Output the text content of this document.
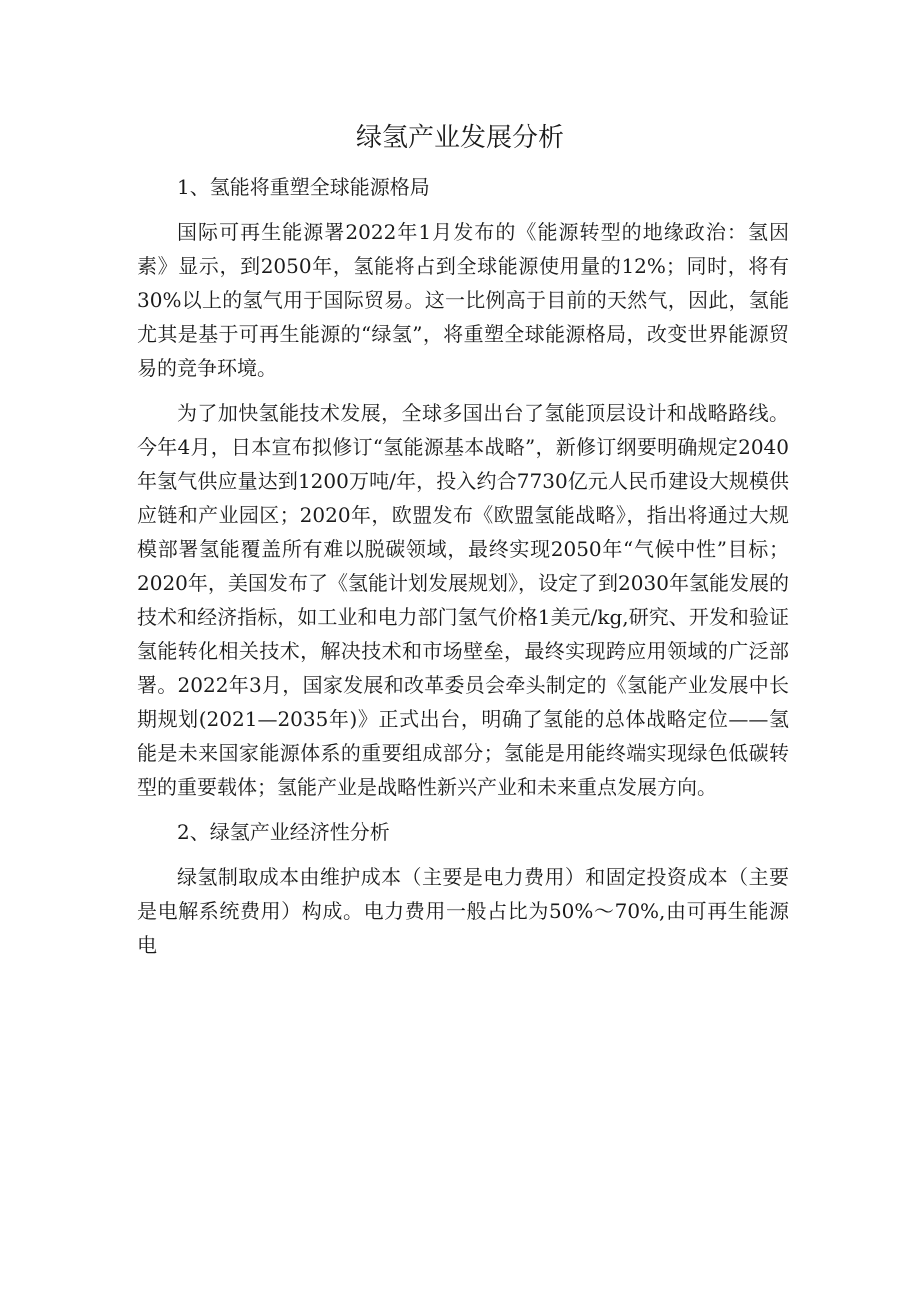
绿氢产业发展分析

1、氢能将重塑全球能源格局

国际可再生能源署2022年1月发布的《能源转型的地缘政治：氢因素》显示，到2050年，氢能将占到全球能源使用量的12%；同时，将有30%以上的氢气用于国际贸易。这一比例高于目前的天然气，因此，氢能尤其是基于可再生能源的“绿氢”，将重塑全球能源格局，改变世界能源贸易的竞争环境。

为了加快氢能技术发展，全球多国出台了氢能顶层设计和战略路线。今年4月，日本宣布拟修订“氢能源基本战略”，新修订纲要明确规定2040年氢气供应量达到1200万吨/年，投入约合7730亿元人民币建设大规模供应链和产业园区；2020年，欧盟发布《欧盟氢能战略》，指出将通过大规模部署氢能覆盖所有难以脱碳领域，最终实现2050年“气候中性”目标；2020年，美国发布了《氢能计划发展规划》，设定了到2030年氢能发展的技术和经济指标，如工业和电力部门氢气价格1美元/kg,研究、开发和验证氢能转化相关技术，解决技术和市场壁垒，最终实现跨应用领域的广泛部署。2022年3月，国家发展和改革委员会牵头制定的《氢能产业发展中长期规划(2021—2035年)》正式出台，明确了氢能的总体战略定位——氢能是未来国家能源体系的重要组成部分；氢能是用能终端实现绿色低碳转型的重要载体；氢能产业是战略性新兴产业和未来重点发展方向。

2、绿氢产业经济性分析

绿氢制取成本由维护成本（主要是电力费用）和固定投资成本（主要是电解系统费用）构成。电力费用一般占比为50%～70%,由可再生能源电
